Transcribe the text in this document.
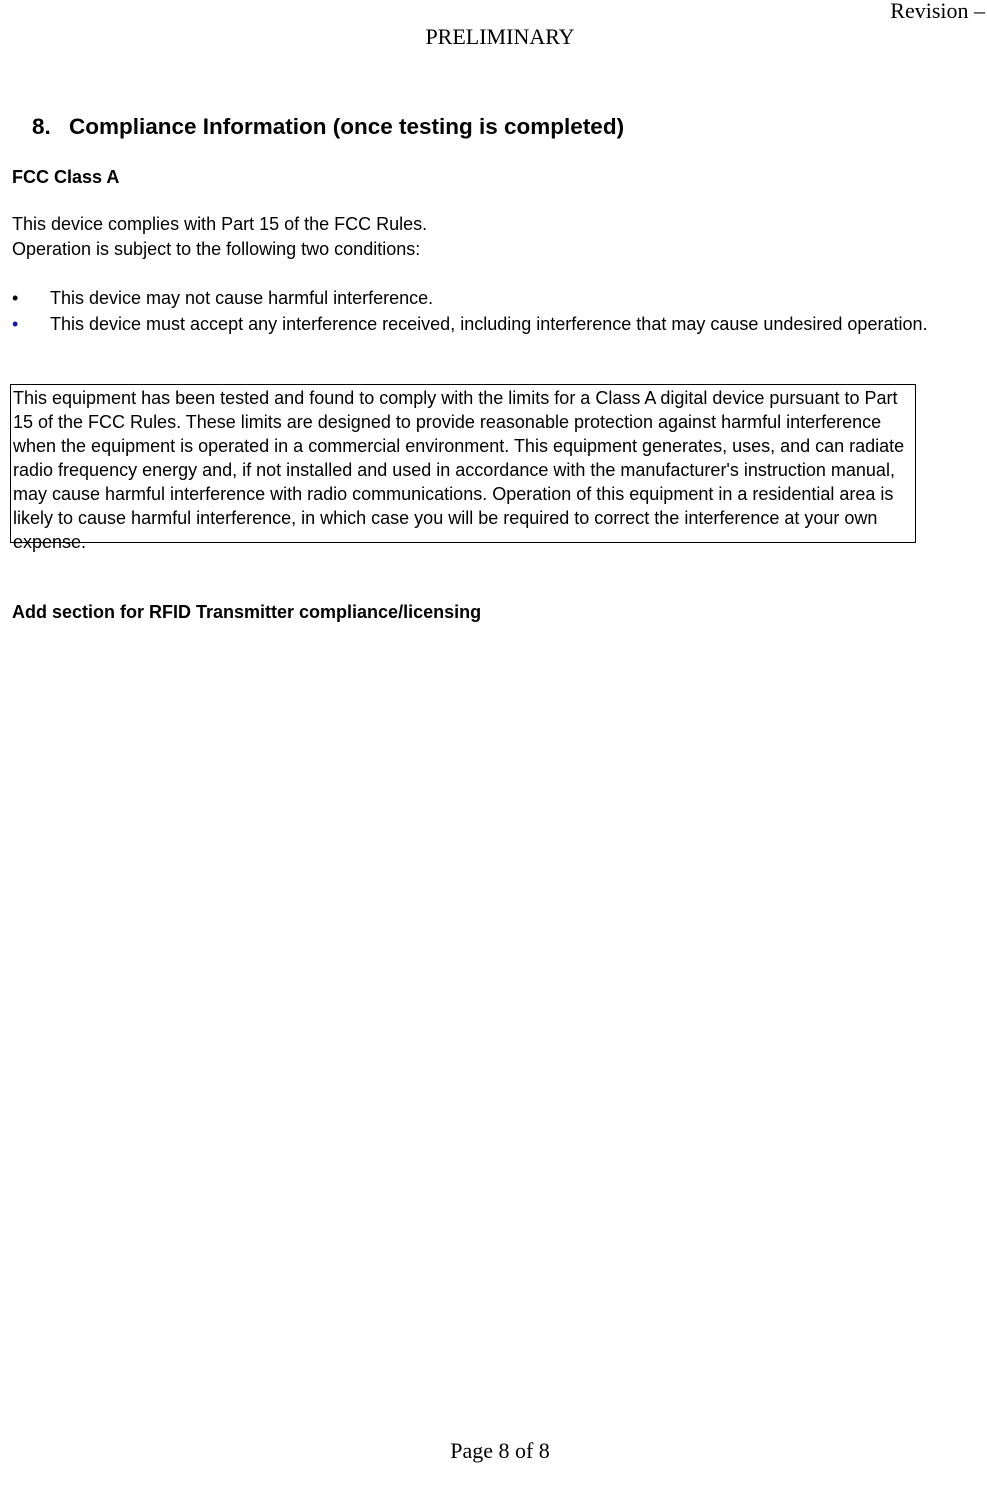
Revision –
PRELIMINARY
8. Compliance Information (once testing is completed)
FCC Class A
This device complies with Part 15 of the FCC Rules.
Operation is subject to the following two conditions:
•	This device may not cause harmful interference.
•	This device must accept any interference received, including interference that may cause undesired operation.
This equipment has been tested and found to comply with the limits for a Class A digital device pursuant to Part 15 of the FCC Rules. These limits are designed to provide reasonable protection against harmful interference when the equipment is operated in a commercial environment. This equipment generates, uses, and can radiate radio frequency energy and, if not installed and used in accordance with the manufacturer's instruction manual, may cause harmful interference with radio communications. Operation of this equipment in a residential area is likely to cause harmful interference, in which case you will be required to correct the interference at your own expense.
Add section for RFID Transmitter compliance/licensing
Page 8 of 8
